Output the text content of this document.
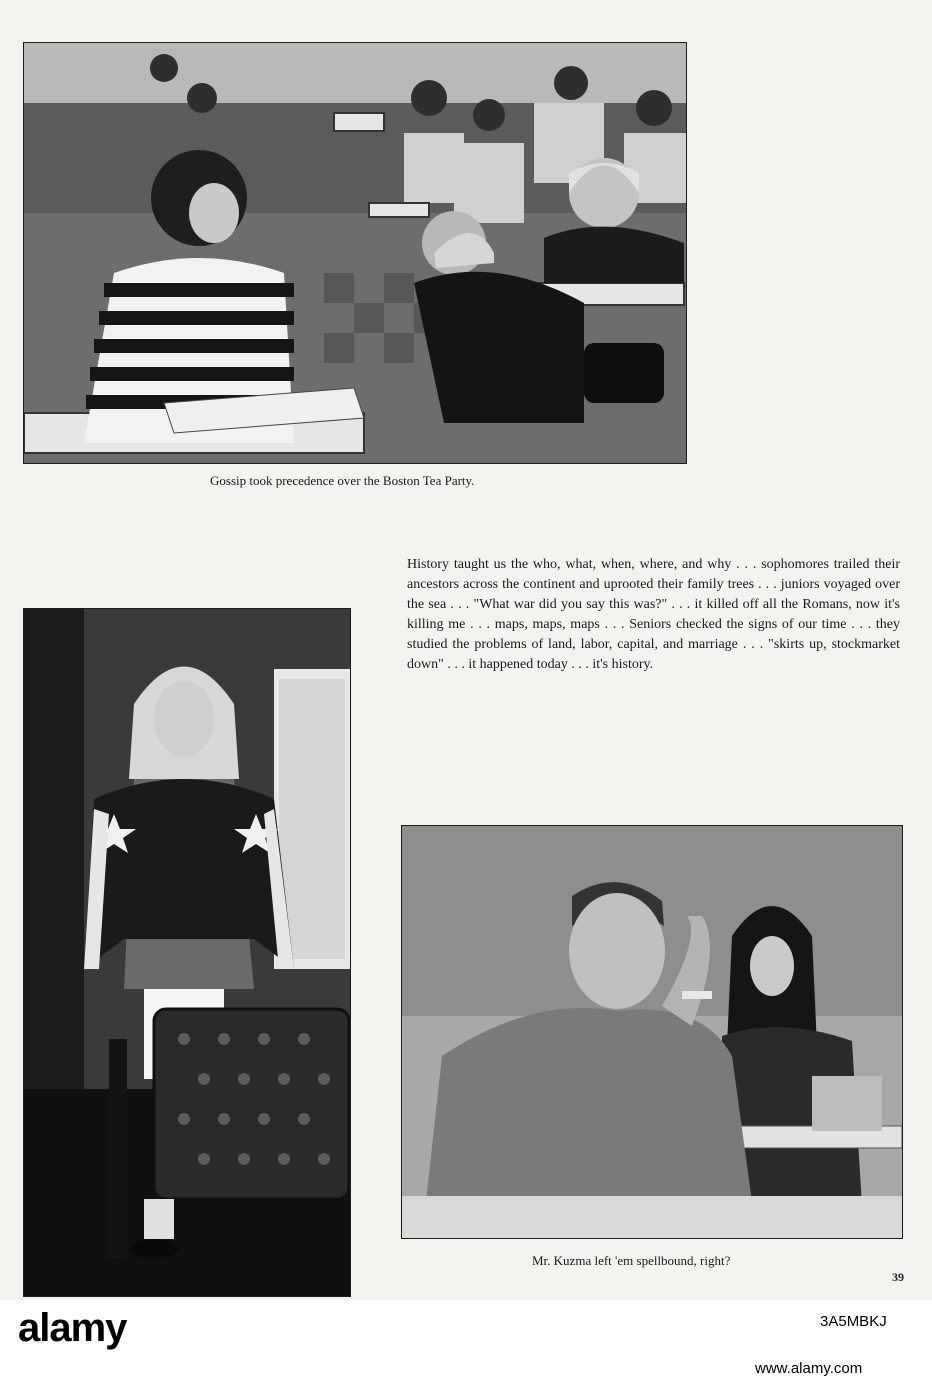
Gossip took precedence over the Boston Tea Party.
History taught us the who, what, when, where, and why . . . sophomores trailed their ancestors across the continent and uprooted their family trees . . . juniors voyaged over the sea . . . "What war did you say this was?" . . . it killed off all the Romans, now it's killing me . . . maps, maps, maps . . . Seniors checked the signs of our time . . . they studied the problems of land, labor, capital, and marriage . . . "skirts up, stockmarket down" . . . it happened today . . . it's history.
Mr. Kuzma left 'em spellbound, right?
39
alamy	3A5MBKJ
www.alamy.com
